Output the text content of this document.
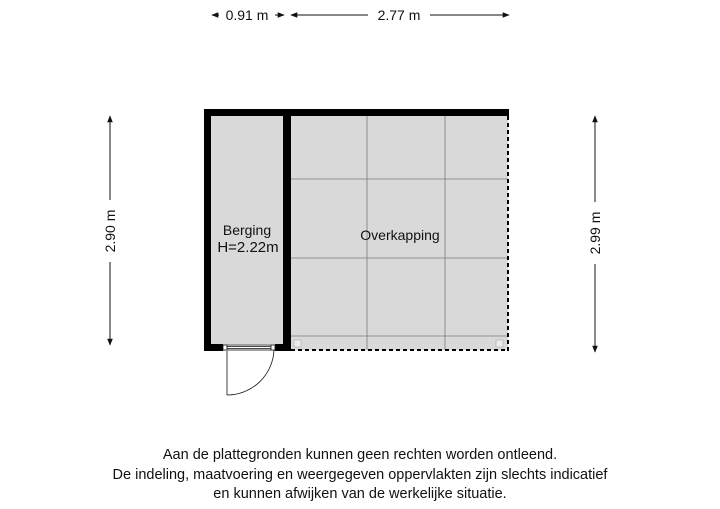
0.91 m	2.77 m
2.90 m	2.99 m
Berging
H=2.22m
Overkapping
Aan de plattegronden kunnen geen rechten worden ontleend.
De indeling, maatvoering en weergegeven oppervlakten zijn slechts indicatief
en kunnen afwijken van de werkelijke situatie.
